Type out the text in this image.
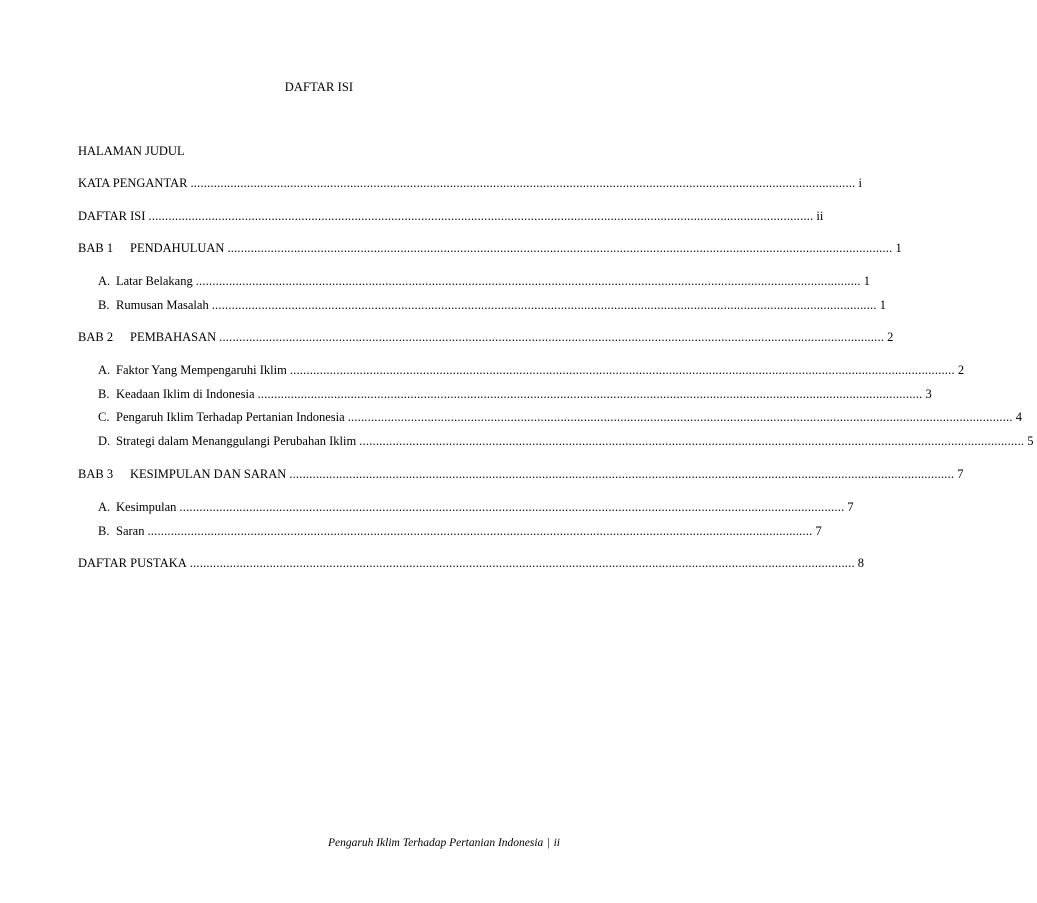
DAFTAR ISI
HALAMAN JUDUL
KATA PENGANTAR ........................................................................................................................................................................................................ i
DAFTAR ISI ........................................................................................................................................................................................................ ii
BAB 1 PENDAHULUAN ........................................................................................................................................................................................................ 1
A. Latar Belakang ........................................................................................................................................................................................................ 1
B. Rumusan Masalah ........................................................................................................................................................................................................ 1
BAB 2 PEMBAHASAN ........................................................................................................................................................................................................ 2
A. Faktor Yang Mempengaruhi Iklim ........................................................................................................................................................................................................ 2
B. Keadaan Iklim di Indonesia ........................................................................................................................................................................................................ 3
C. Pengaruh Iklim Terhadap Pertanian Indonesia ........................................................................................................................................................................................................ 4
D. Strategi dalam Menanggulangi Perubahan Iklim ........................................................................................................................................................................................................ 5
BAB 3 KESIMPULAN DAN SARAN ........................................................................................................................................................................................................ 7
A. Kesimpulan ........................................................................................................................................................................................................ 7
B. Saran ........................................................................................................................................................................................................ 7
DAFTAR PUSTAKA ........................................................................................................................................................................................................ 8
Pengaruh Iklim Terhadap Pertanian Indonesia | ii
